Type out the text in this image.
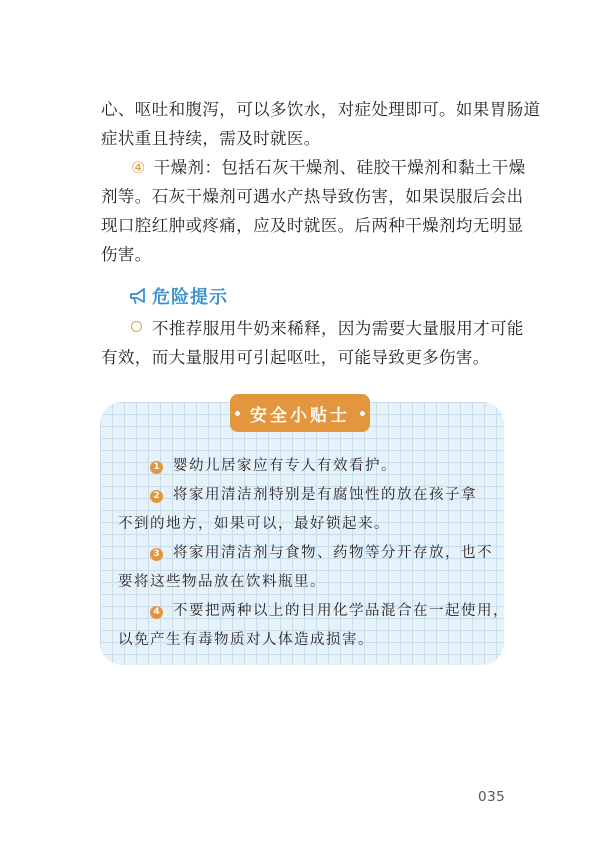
心、呕吐和腹泻，可以多饮水，对症处理即可。如果胃肠道
症状重且持续，需及时就医。

④ 干燥剂：包括石灰干燥剂、硅胶干燥剂和黏土干燥
剂等。石灰干燥剂可遇水产热导致伤害，如果误服后会出
现口腔红肿或疼痛，应及时就医。后两种干燥剂均无明显
伤害。

危险提示

不推荐服用牛奶来稀释，因为需要大量服用才可能
有效，而大量服用可引起呕吐，可能导致更多伤害。

安全小贴士
1 婴幼儿居家应有专人有效看护。
2 将家用清洁剂特别是有腐蚀性的放在孩子拿
不到的地方，如果可以，最好锁起来。
3 将家用清洁剂与食物、药物等分开存放，也不
要将这些物品放在饮料瓶里。
4 不要把两种以上的日用化学品混合在一起使用，
以免产生有毒物质对人体造成损害。
035
